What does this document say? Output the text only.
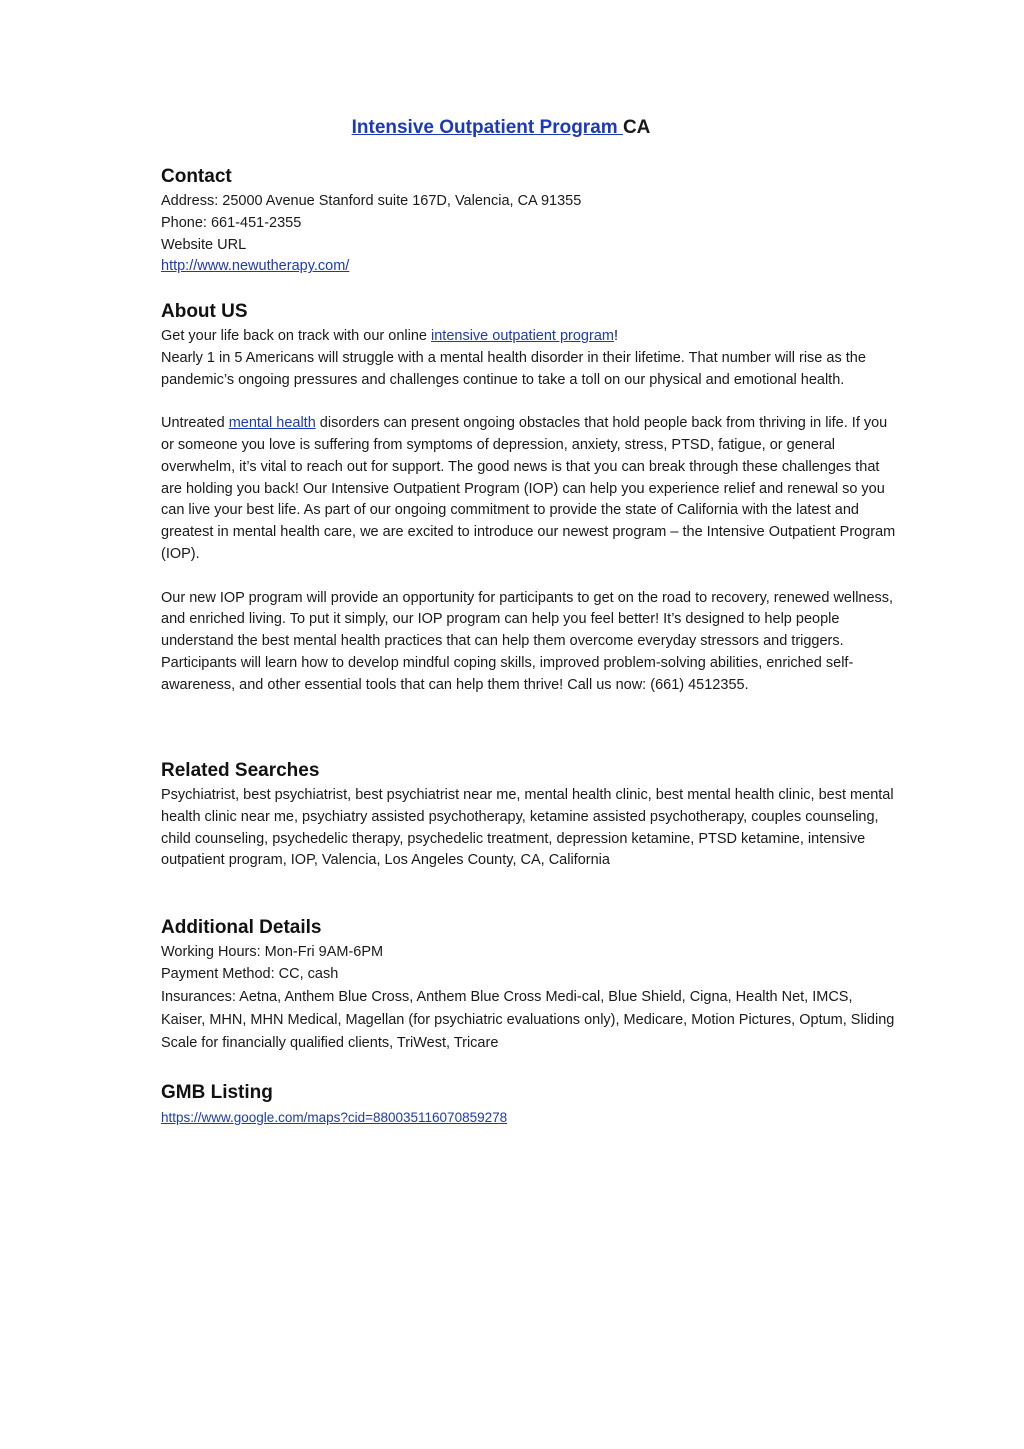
Intensive Outpatient Program CA
Contact
Address: 25000 Avenue Stanford suite 167D, Valencia, CA 91355
Phone: 661-451-2355
Website URL
http://www.newutherapy.com/
About US

Get your life back on track with our online intensive outpatient program!
Nearly 1 in 5 Americans will struggle with a mental health disorder in their lifetime. That number will rise as the pandemic’s ongoing pressures and challenges continue to take a toll on our physical and emotional health.

Untreated mental health disorders can present ongoing obstacles that hold people back from thriving in life. If you or someone you love is suffering from symptoms of depression, anxiety, stress, PTSD, fatigue, or general overwhelm, it’s vital to reach out for support. The good news is that you can break through these challenges that are holding you back! Our Intensive Outpatient Program (IOP) can help you experience relief and renewal so you can live your best life. As part of our ongoing commitment to provide the state of California with the latest and greatest in mental health care, we are excited to introduce our newest program – the Intensive Outpatient Program (IOP).

Our new IOP program will provide an opportunity for participants to get on the road to recovery, renewed wellness, and enriched living. To put it simply, our IOP program can help you feel better! It’s designed to help people understand the best mental health practices that can help them overcome everyday stressors and triggers. Participants will learn how to develop mindful coping skills, improved problem-solving abilities, enriched self-awareness, and other essential tools that can help them thrive! Call us now: (661) 4512355.

Related Searches

Psychiatrist, best psychiatrist, best psychiatrist near me, mental health clinic, best mental health clinic, best mental health clinic near me, psychiatry assisted psychotherapy, ketamine assisted psychotherapy, couples counseling, child counseling, psychedelic therapy, psychedelic treatment, depression ketamine, PTSD ketamine, intensive outpatient program, IOP, Valencia, Los Angeles County, CA, California

Additional Details
Working Hours: Mon-Fri 9AM-6PM
Payment Method: CC, cash

Insurances: Aetna, Anthem Blue Cross, Anthem Blue Cross Medi-cal, Blue Shield, Cigna, Health Net, IMCS, Kaiser, MHN, MHN Medical, Magellan (for psychiatric evaluations only), Medicare, Motion Pictures, Optum, Sliding Scale for financially qualified clients, TriWest, Tricare

GMB Listing
https://www.google.com/maps?cid=880035116070859278
